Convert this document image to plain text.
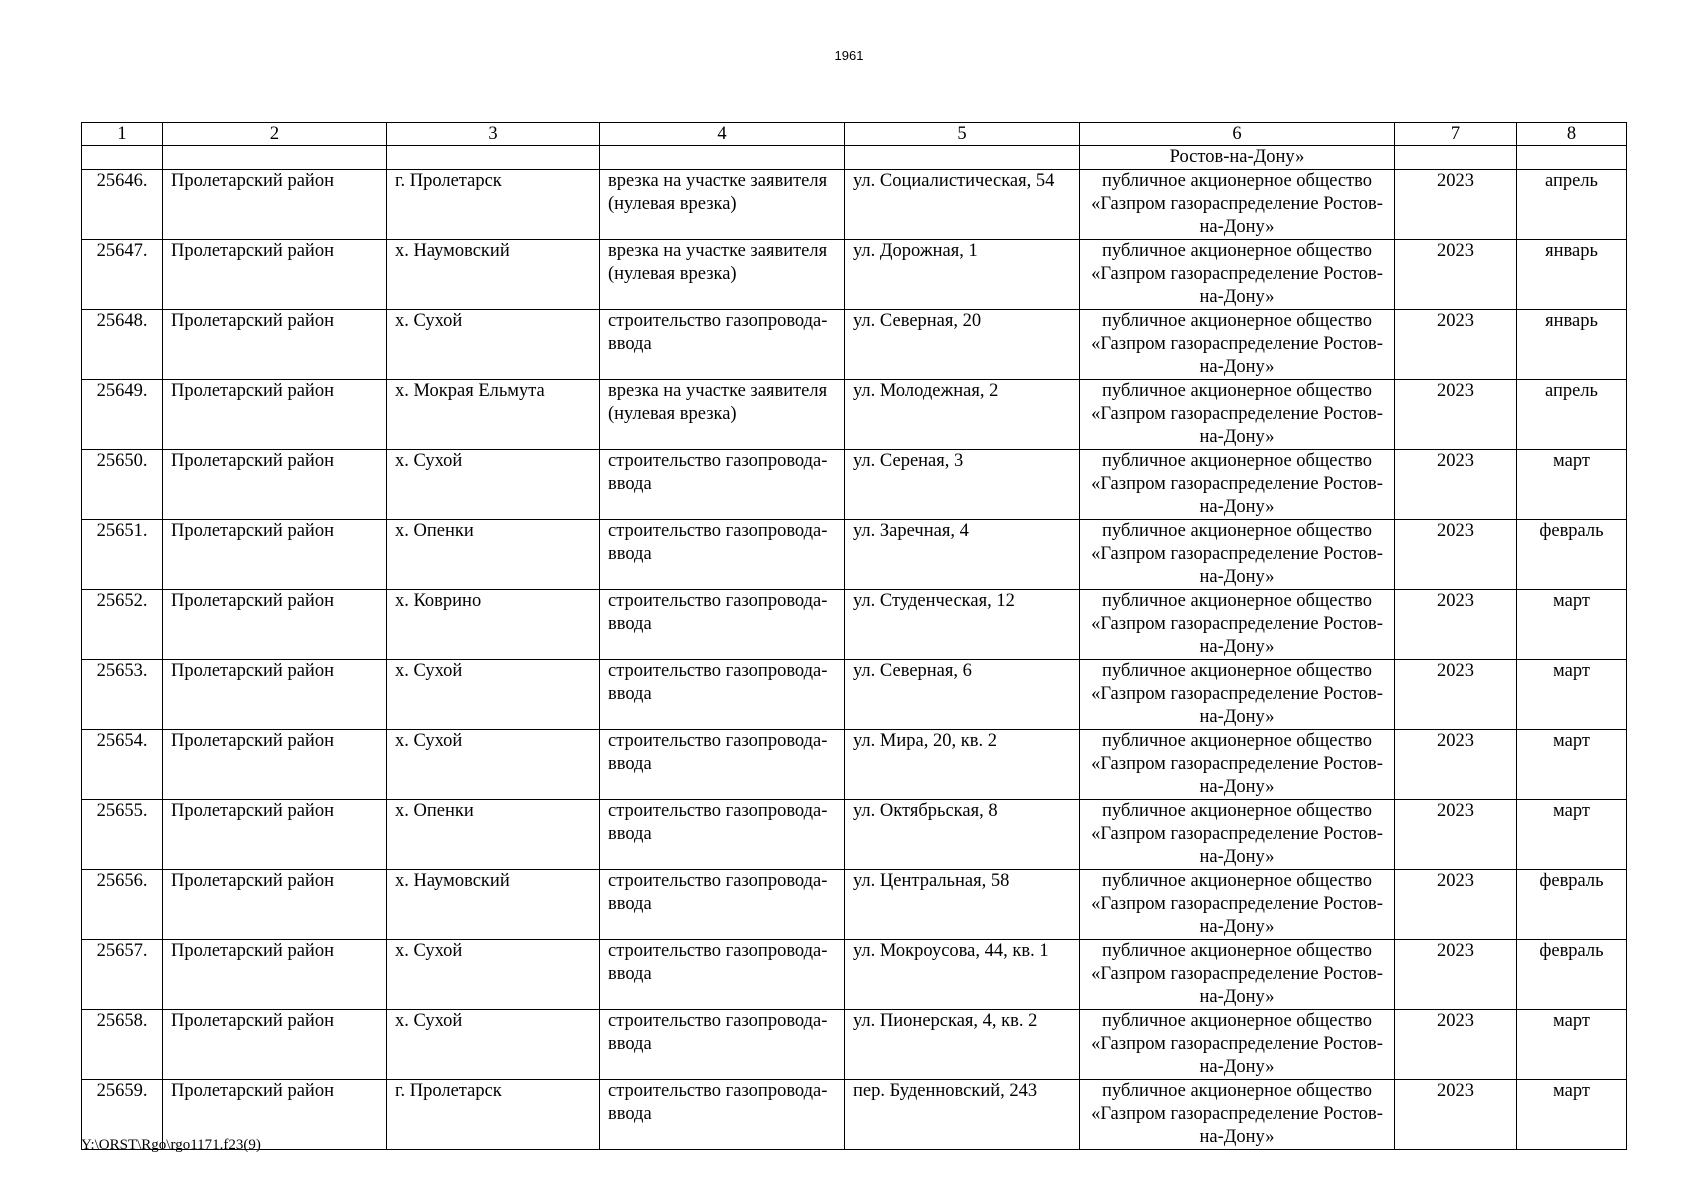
1961
1	2	3	4	5	6	7	8
					Ростов-на-Дону»		
25646.	Пролетарский район	г. Пролетарск	врезка на участке заявителя (нулевая врезка)	ул. Социалистическая, 54	публичное акционерное общество «Газпром газораспределение Ростов-на-Дону»	2023	апрель
25647.	Пролетарский район	х. Наумовский	врезка на участке заявителя (нулевая врезка)	ул. Дорожная, 1	публичное акционерное общество «Газпром газораспределение Ростов-на-Дону»	2023	январь
25648.	Пролетарский район	х. Сухой	строительство газопровода-ввода	ул. Северная, 20	публичное акционерное общество «Газпром газораспределение Ростов-на-Дону»	2023	январь
25649.	Пролетарский район	х. Мокрая Ельмута	врезка на участке заявителя (нулевая врезка)	ул. Молодежная, 2	публичное акционерное общество «Газпром газораспределение Ростов-на-Дону»	2023	апрель
25650.	Пролетарский район	х. Сухой	строительство газопровода-ввода	ул. Сереная, 3	публичное акционерное общество «Газпром газораспределение Ростов-на-Дону»	2023	март
25651.	Пролетарский район	х. Опенки	строительство газопровода-ввода	ул. Заречная, 4	публичное акционерное общество «Газпром газораспределение Ростов-на-Дону»	2023	февраль
25652.	Пролетарский район	х. Коврино	строительство газопровода-ввода	ул. Студенческая, 12	публичное акционерное общество «Газпром газораспределение Ростов-на-Дону»	2023	март
25653.	Пролетарский район	х. Сухой	строительство газопровода-ввода	ул. Северная, 6	публичное акционерное общество «Газпром газораспределение Ростов-на-Дону»	2023	март
25654.	Пролетарский район	х. Сухой	строительство газопровода-ввода	ул. Мира, 20, кв. 2	публичное акционерное общество «Газпром газораспределение Ростов-на-Дону»	2023	март
25655.	Пролетарский район	х. Опенки	строительство газопровода-ввода	ул. Октябрьская, 8	публичное акционерное общество «Газпром газораспределение Ростов-на-Дону»	2023	март
25656.	Пролетарский район	х. Наумовский	строительство газопровода-ввода	ул. Центральная, 58	публичное акционерное общество «Газпром газораспределение Ростов-на-Дону»	2023	февраль
25657.	Пролетарский район	х. Сухой	строительство газопровода-ввода	ул. Мокроусова, 44, кв. 1	публичное акционерное общество «Газпром газораспределение Ростов-на-Дону»	2023	февраль
25658.	Пролетарский район	х. Сухой	строительство газопровода-ввода	ул. Пионерская, 4, кв. 2	публичное акционерное общество «Газпром газораспределение Ростов-на-Дону»	2023	март
25659.	Пролетарский район	г. Пролетарск	строительство газопровода-ввода	пер. Буденновский, 243	публичное акционерное общество «Газпром газораспределение Ростов-на-Дону»	2023	март
Y:\ORST\Rgo\rgo1171.f23(9)
